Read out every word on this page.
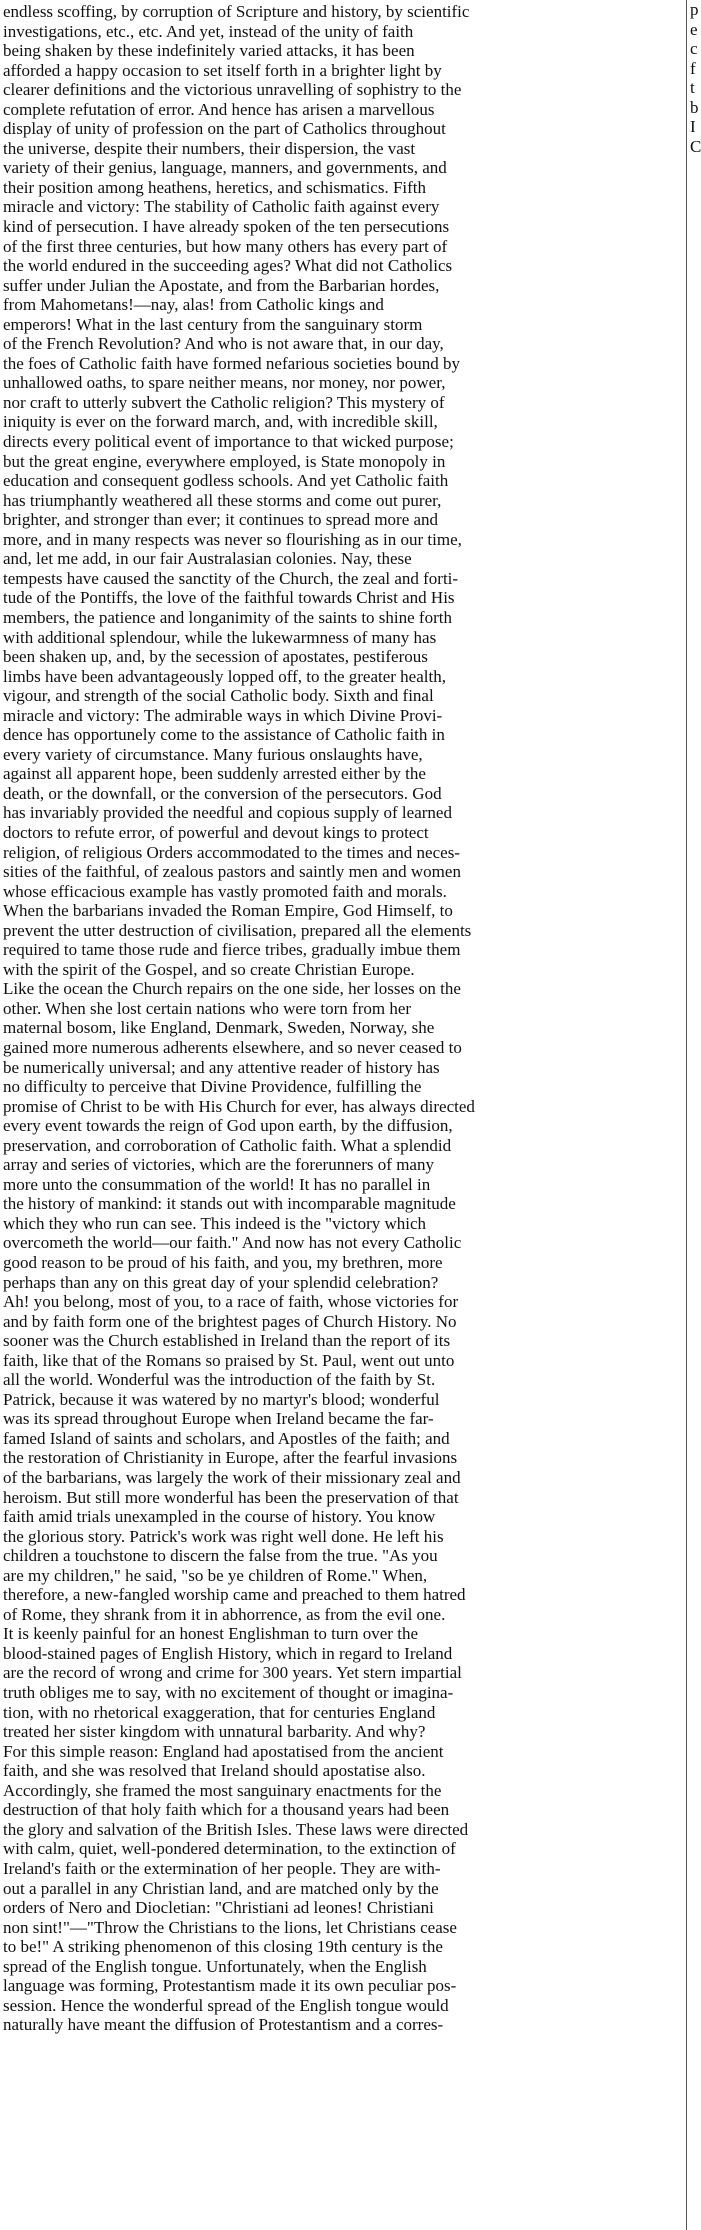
endless scoffing, by corruption of Scripture and history, by scientific
investigations, etc., etc. And yet, instead of the unity of faith
being shaken by these indefinitely varied attacks, it has been
afforded a happy occasion to set itself forth in a brighter light by
clearer definitions and the victorious unravelling of sophistry to the
complete refutation of error. And hence has arisen a marvellous
display of unity of profession on the part of Catholics throughout
the universe, despite their numbers, their dispersion, the vast
variety of their genius, language, manners, and governments, and
their position among heathens, heretics, and schismatics. Fifth
miracle and victory: The stability of Catholic faith against every
kind of persecution. I have already spoken of the ten persecutions
of the first three centuries, but how many others has every part of
the world endured in the succeeding ages? What did not Catholics
suffer under Julian the Apostate, and from the Barbarian hordes,
from Mahometans!—nay, alas! from Catholic kings and
emperors! What in the last century from the sanguinary storm
of the French Revolution? And who is not aware that, in our day,
the foes of Catholic faith have formed nefarious societies bound by
unhallowed oaths, to spare neither means, nor money, nor power,
nor craft to utterly subvert the Catholic religion? This mystery of
iniquity is ever on the forward march, and, with incredible skill,
directs every political event of importance to that wicked purpose;
but the great engine, everywhere employed, is State monopoly in
education and consequent godless schools. And yet Catholic faith
has triumphantly weathered all these storms and come out purer,
brighter, and stronger than ever; it continues to spread more and
more, and in many respects was never so flourishing as in our time,
and, let me add, in our fair Australasian colonies. Nay, these
tempests have caused the sanctity of the Church, the zeal and forti-
tude of the Pontiffs, the love of the faithful towards Christ and His
members, the patience and longanimity of the saints to shine forth
with additional splendour, while the lukewarmness of many has
been shaken up, and, by the secession of apostates, pestiferous
limbs have been advantageously lopped off, to the greater health,
vigour, and strength of the social Catholic body. Sixth and final
miracle and victory: The admirable ways in which Divine Provi-
dence has opportunely come to the assistance of Catholic faith in
every variety of circumstance. Many furious onslaughts have,
against all apparent hope, been suddenly arrested either by the
death, or the downfall, or the conversion of the persecutors. God
has invariably provided the needful and copious supply of learned
doctors to refute error, of powerful and devout kings to protect
religion, of religious Orders accommodated to the times and neces-
sities of the faithful, of zealous pastors and saintly men and women
whose efficacious example has vastly promoted faith and morals.
When the barbarians invaded the Roman Empire, God Himself, to
prevent the utter destruction of civilisation, prepared all the elements
required to tame those rude and fierce tribes, gradually imbue them
with the spirit of the Gospel, and so create Christian Europe.
Like the ocean the Church repairs on the one side, her losses on the
other. When she lost certain nations who were torn from her
maternal bosom, like England, Denmark, Sweden, Norway, she
gained more numerous adherents elsewhere, and so never ceased to
be numerically universal; and any attentive reader of history has
no difficulty to perceive that Divine Providence, fulfilling the
promise of Christ to be with His Church for ever, has always directed
every event towards the reign of God upon earth, by the diffusion,
preservation, and corroboration of Catholic faith. What a splendid
array and series of victories, which are the forerunners of many
more unto the consummation of the world! It has no parallel in
the history of mankind: it stands out with incomparable magnitude
which they who run can see. This indeed is the "victory which
overcometh the world—our faith." And now has not every Catholic
good reason to be proud of his faith, and you, my brethren, more
perhaps than any on this great day of your splendid celebration?
Ah! you belong, most of you, to a race of faith, whose victories for
and by faith form one of the brightest pages of Church History. No
sooner was the Church established in Ireland than the report of its
faith, like that of the Romans so praised by St. Paul, went out unto
all the world. Wonderful was the introduction of the faith by St.
Patrick, because it was watered by no martyr's blood; wonderful
was its spread throughout Europe when Ireland became the far-
famed Island of saints and scholars, and Apostles of the faith; and
the restoration of Christianity in Europe, after the fearful invasions
of the barbarians, was largely the work of their missionary zeal and
heroism. But still more wonderful has been the preservation of that
faith amid trials unexampled in the course of history. You know
the glorious story. Patrick's work was right well done. He left his
children a touchstone to discern the false from the true. "As you
are my children," he said, "so be ye children of Rome." When,
therefore, a new-fangled worship came and preached to them hatred
of Rome, they shrank from it in abhorrence, as from the evil one.
It is keenly painful for an honest Englishman to turn over the
blood-stained pages of English History, which in regard to Ireland
are the record of wrong and crime for 300 years. Yet stern impartial
truth obliges me to say, with no excitement of thought or imagina-
tion, with no rhetorical exaggeration, that for centuries England
treated her sister kingdom with unnatural barbarity. And why?
For this simple reason: England had apostatised from the ancient
faith, and she was resolved that Ireland should apostatise also.
Accordingly, she framed the most sanguinary enactments for the
destruction of that holy faith which for a thousand years had been
the glory and salvation of the British Isles. These laws were directed
with calm, quiet, well-pondered determination, to the extinction of
Ireland's faith or the extermination of her people. They are with-
out a parallel in any Christian land, and are matched only by the
orders of Nero and Diocletian: "Christiani ad leones! Christiani
non sint!"—"Throw the Christians to the lions, let Christians cease
to be!" A striking phenomenon of this closing 19th century is the
spread of the English tongue. Unfortunately, when the English
language was forming, Protestantism made it its own peculiar pos-
session. Hence the wonderful spread of the English tongue would
naturally have meant the diffusion of Protestantism and a corres-
p
e
c
f
t
b
I
C
